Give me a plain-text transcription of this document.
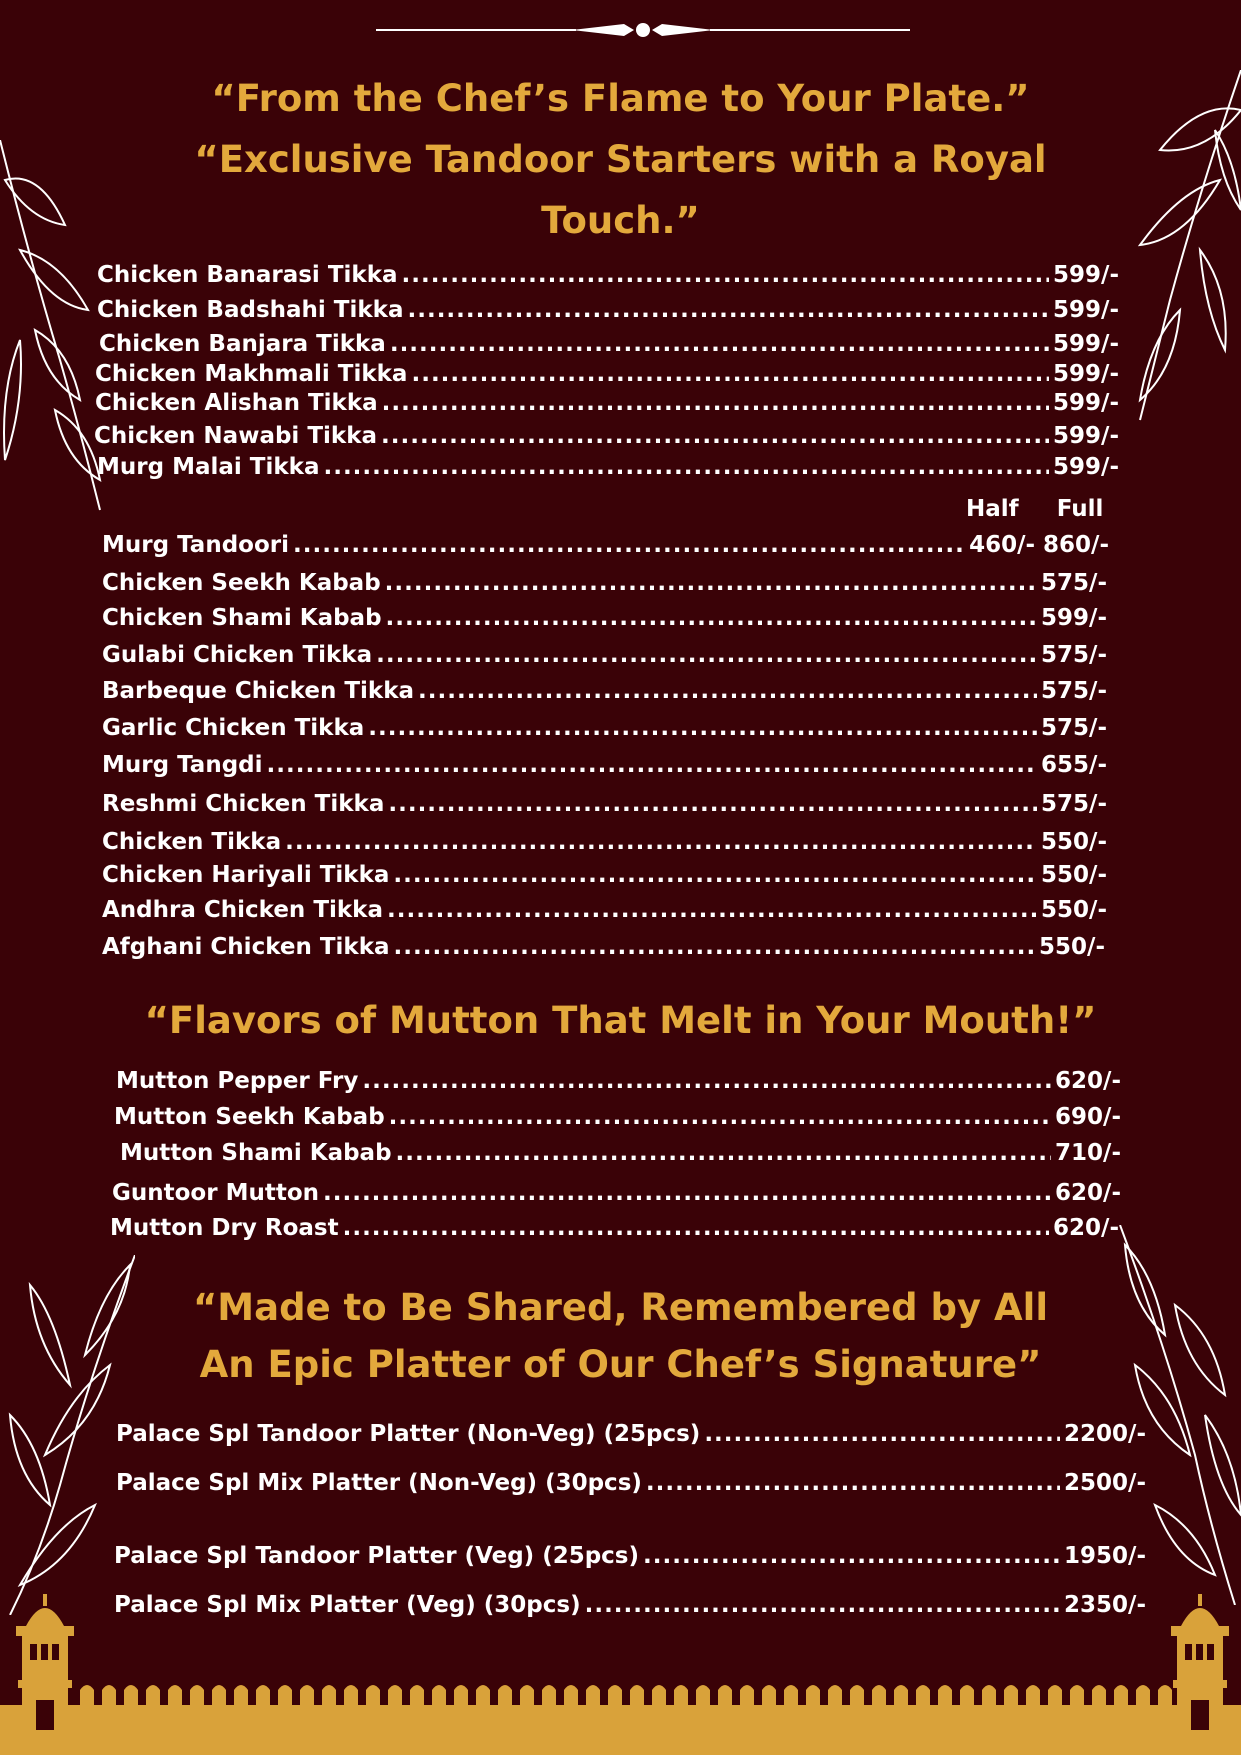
“From the Chef’s Flame to Your Plate.”
“Exclusive Tandoor Starters with a Royal
Touch.”
“Flavors of Mutton That Melt in Your Mouth!”
“Made to Be Shared, Remembered by All
An Epic Platter of Our Chef’s Signature”
Half Full
Chicken Banarasi Tikka .....	599/-
Chicken Badshahi Tikka .....	599/-
Chicken Banjara Tikka .....	599/-
Chicken Makhmali Tikka .....	599/-
Chicken Alishan Tikka .....	599/-
Chicken Nawabi Tikka .....	599/-
Murg Malai Tikka .....	599/-
Murg Tandoori .....	460/- 860/-
Chicken Seekh Kabab .....	575/-
Chicken Shami Kabab .....	599/-
Gulabi Chicken Tikka .....	575/-
Barbeque Chicken Tikka .....	575/-
Garlic Chicken Tikka .....	575/-
Murg Tangdi .....	655/-
Reshmi Chicken Tikka .....	575/-
Chicken Tikka .....	550/-
Chicken Hariyali Tikka .....	550/-
Andhra Chicken Tikka .....	550/-
Afghani Chicken Tikka .....	550/-
Mutton Pepper Fry .....	620/-
Mutton Seekh Kabab .....	690/-
Mutton Shami Kabab .....	710/-
Guntoor Mutton .....	620/-
Mutton Dry Roast .....	620/-
Palace Spl Tandoor Platter (Non-Veg) (25pcs) .....	2200/-
Palace Spl Mix Platter (Non-Veg) (30pcs) .....	2500/-
Palace Spl Tandoor Platter (Veg) (25pcs) .....	1950/-
Palace Spl Mix Platter (Veg) (30pcs) .....	2350/-
